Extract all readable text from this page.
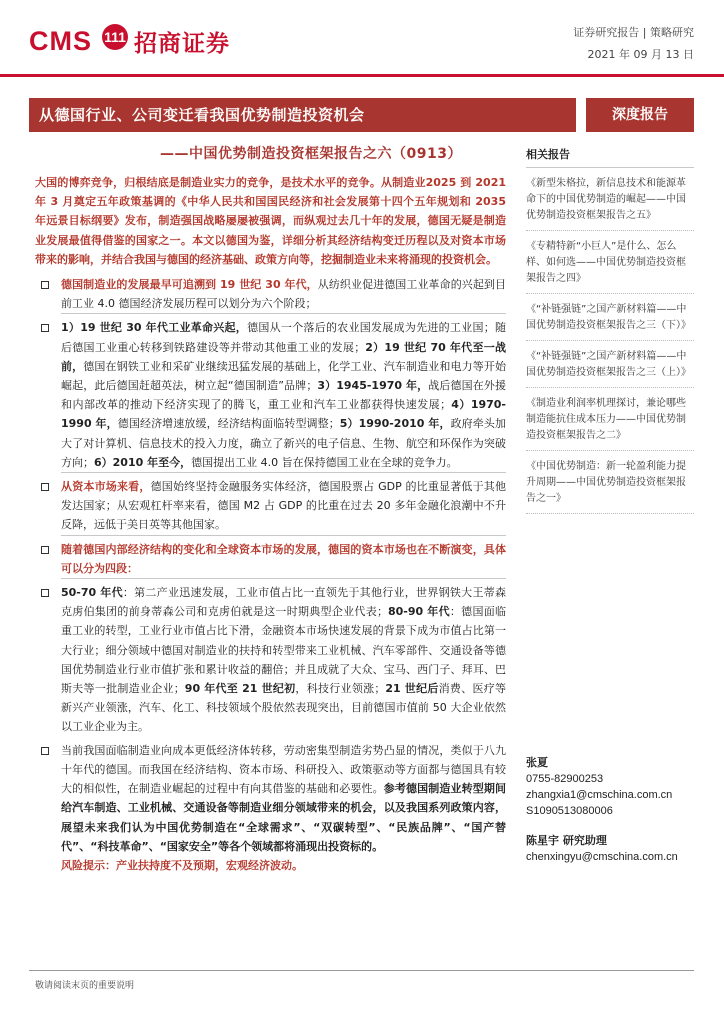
CMS 111 招商证券	证券研究报告 | 策略研究
2021 年 09 月 13 日
从德国行业、公司变迁看我国优势制造投资机会	深度报告
——中国优势制造投资框架报告之六（0913）
大国的博弈竞争，归根结底是制造业实力的竞争，是技术水平的竞争。从制造业2025 到 2021 年 3 月奠定五年政策基调的《中华人民共和国国民经济和社会发展第十四个五年规划和 2035 年远景目标纲要》发布，制造强国战略屡屡被强调，而纵观过去几十年的发展，德国无疑是制造业发展最值得借鉴的国家之一。本文以德国为鉴，详细分析其经济结构变迁历程以及对资本市场带来的影响，并结合我国与德国的经济基础、政策方向等，挖掘制造业未来将涌现的投资机会。
德国制造业的发展最早可追溯到 19 世纪 30 年代，从纺织业促进德国工业革命的兴起到目前工业 4.0 德国经济发展历程可以划分为六个阶段；
1）19 世纪 30 年代工业革命兴起，德国从一个落后的农业国发展成为先进的工业国；随后德国工业重心转移到铁路建设等并带动其他重工业的发展；2）19 世纪 70 年代至一战前，德国在钢铁工业和采矿业继续迅猛发展的基础上，化学工业、汽车制造业和电力等开始崛起，此后德国赶超英法，树立起“德国制造”品牌；3）1945-1970 年，战后德国在外援和内部改革的推动下经济实现了的腾飞，重工业和汽车工业都获得快速发展；4）1970-1990 年，德国经济增速放缓，经济结构面临转型调整；5）1990-2010 年，政府牵头加大了对计算机、信息技术的投入力度，确立了新兴的电子信息、生物、航空和环保作为突破方向；6）2010 年至今，德国提出工业 4.0 旨在保持德国工业在全球的竞争力。
从资本市场来看，德国始终坚持金融服务实体经济，德国股票占 GDP 的比重显著低于其他发达国家；从宏观杠杆率来看，德国 M2 占 GDP 的比重在过去 20 多年金融化浪潮中不升反降，远低于美日英等其他国家。
随着德国内部经济结构的变化和全球资本市场的发展，德国的资本市场也在不断演变，具体可以分为四段：
50-70 年代：第二产业迅速发展，工业市值占比一直领先于其他行业，世界钢铁大王蒂森克虏伯集团的前身蒂森公司和克虏伯就是这一时期典型企业代表；80-90 年代：德国面临重工业的转型，工业行业市值占比下滑，金融资本市场快速发展的背景下成为市值占比第一大行业；细分领域中德国对制造业的扶持和转型带来工业机械、汽车零部件、交通设备等德国优势制造业行业市值扩张和累计收益的翻倍；并且成就了大众、宝马、西门子、拜耳、巴斯夫等一批制造业企业；90 年代至 21 世纪初，科技行业领涨；21 世纪后消费、医疗等新兴产业领涨，汽车、化工、科技领域个股依然表现突出，目前德国市值前 50 大企业依然以工业企业为主。
当前我国面临制造业向成本更低经济体转移，劳动密集型制造劣势凸显的情况，类似于八九十年代的德国。而我国在经济结构、资本市场、科研投入、政策驱动等方面都与德国具有较大的相似性，在制造业崛起的过程中有向其借鉴的基础和必要性。参考德国制造业转型期间给汽车制造、工业机械、交通设备等制造业细分领域带来的机会，以及我国系列政策内容，展望未来我们认为中国优势制造在“全球需求”、“双碳转型”、“民族品牌”、“国产替代”、“科技革命”、“国家安全”等各个领域都将涌现出投资标的。
风险提示：产业扶持度不及预期，宏观经济波动。
相关报告
《新型朱格拉，新信息技术和能源革命下的中国优势制造的崛起——中国优势制造投资框架报告之五》
《专精特新“小巨人”是什么、怎么样、如何选——中国优势制造投资框架报告之四》
《“补链强链”之国产新材料篇——中国优势制造投资框架报告之三（下）》
《“补链强链”之国产新材料篇——中国优势制造投资框架报告之三（上）》
《制造业利润率机理探讨，兼论哪些制造能抗住成本压力——中国优势制造投资框架报告之二》
《中国优势制造：新一轮盈利能力提升周期——中国优势制造投资框架报告之一》
张夏
0755-82900253
zhangxia1@cmschina.com.cn
S1090513080006
陈星宇 研究助理
chenxingyu@cmschina.com.cn
敬请阅读末页的重要说明
